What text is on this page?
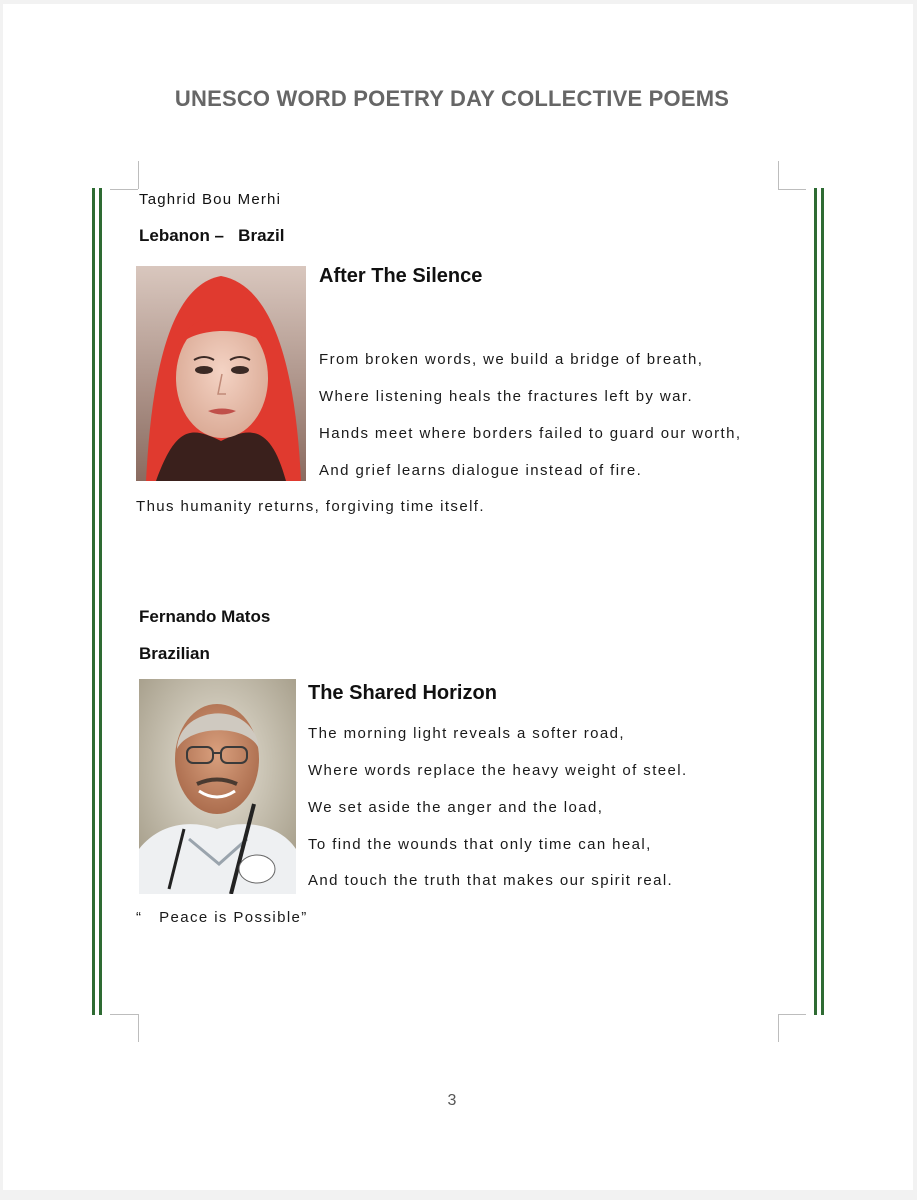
UNESCO WORD POETRY DAY COLLECTIVE POEMS
Taghrid Bou Merhi
Lebanon –   Brazil
After The Silence
From broken words, we build a bridge of breath,
Where listening heals the fractures left by war.
Hands meet where borders failed to guard our worth,
And grief learns dialogue instead of fire.
Thus humanity returns, forgiving time itself.
Fernando Matos
Brazilian
The Shared Horizon
The morning light reveals a softer road,
Where words replace the heavy weight of steel.
We set aside the anger and the load,
To find the wounds that only time can heal,
And touch the truth that makes our spirit real.
“   Peace is Possible”
3
